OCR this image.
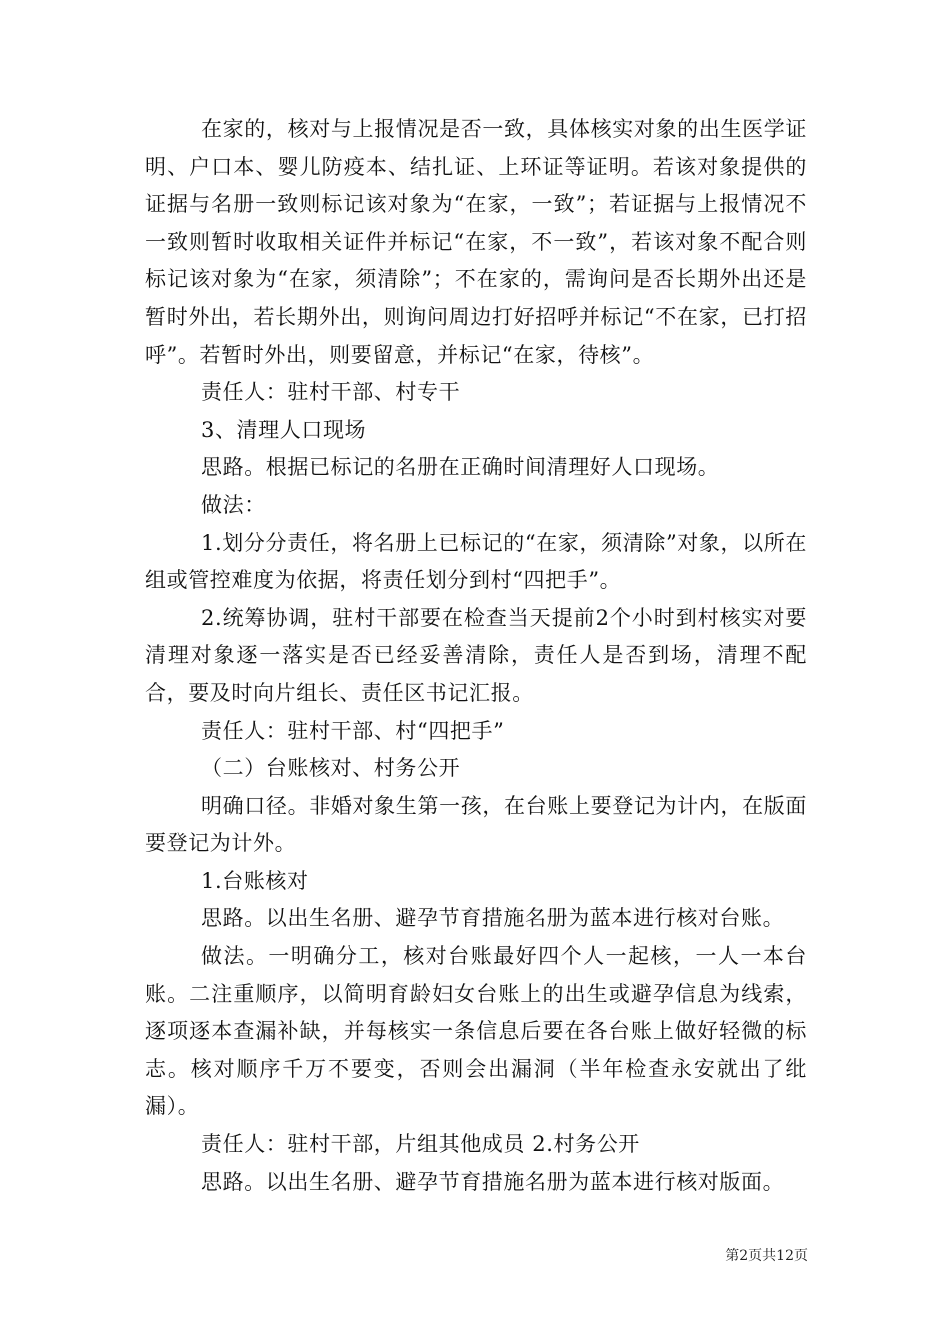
在家的，核对与上报情况是否一致，具体核实对象的出生医学证明、户口本、婴儿防疫本、结扎证、上环证等证明。若该对象提供的证据与名册一致则标记该对象为“在家，一致”；若证据与上报情况不一致则暂时收取相关证件并标记“在家，不一致”，若该对象不配合则标记该对象为“在家，须清除”；不在家的，需询问是否长期外出还是暂时外出，若长期外出，则询问周边打好招呼并标记“不在家，已打招呼”。若暂时外出，则要留意，并标记“在家，待核”。

责任人：驻村干部、村专干

3、清理人口现场

思路。根据已标记的名册在正确时间清理好人口现场。

做法：

1.划分分责任，将名册上已标记的“在家，须清除”对象，以所在组或管控难度为依据，将责任划分到村“四把手”。

2.统筹协调，驻村干部要在检查当天提前2个小时到村核实对要清理对象逐一落实是否已经妥善清除，责任人是否到场，清理不配合，要及时向片组长、责任区书记汇报。

责任人：驻村干部、村“四把手”

（二）台账核对、村务公开

明确口径。非婚对象生第一孩，在台账上要登记为计内，在版面要登记为计外。

1.台账核对

思路。以出生名册、避孕节育措施名册为蓝本进行核对台账。

做法。一明确分工，核对台账最好四个人一起核，一人一本台账。二注重顺序，以简明育龄妇女台账上的出生或避孕信息为线索，逐项逐本查漏补缺，并每核实一条信息后要在各台账上做好轻微的标志。核对顺序千万不要变，否则会出漏洞（半年检查永安就出了纰漏）。

责任人：驻村干部，片组其他成员 2.村务公开

思路。以出生名册、避孕节育措施名册为蓝本进行核对版面。

第2页共12页
